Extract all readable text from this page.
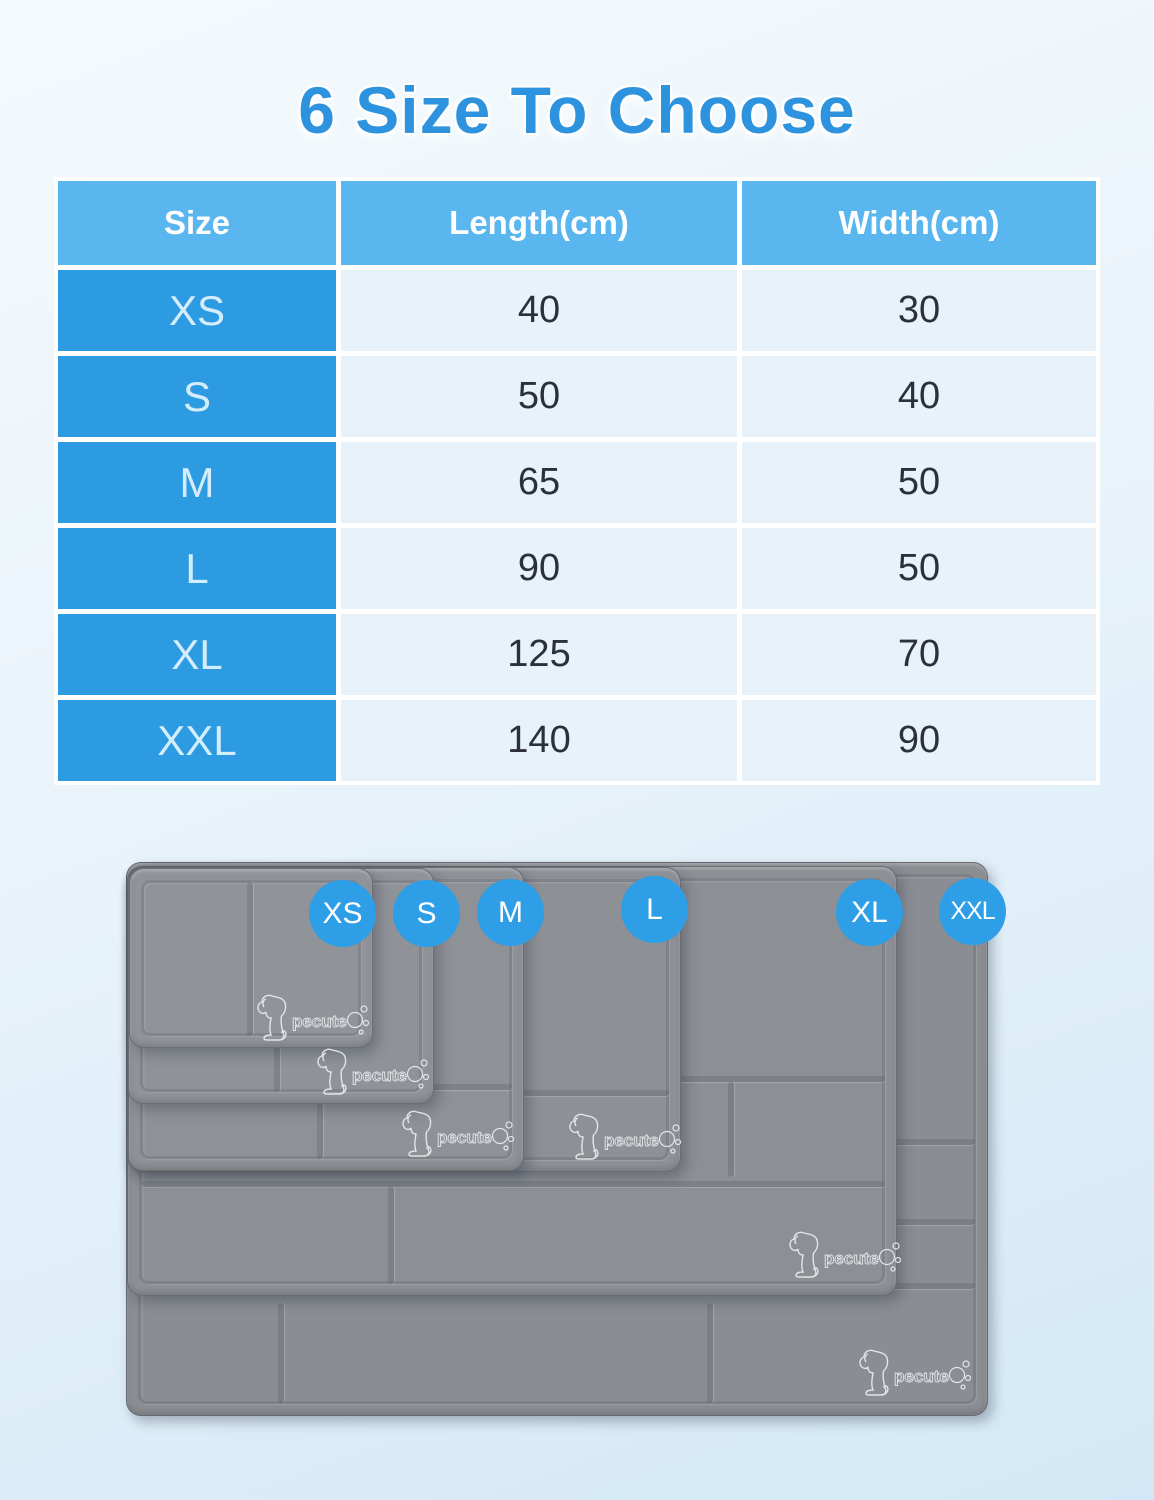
6 Size To Choose
Size	Length(cm)	Width(cm)
XS	40	30
S	50	40
M	65	50
L	90	50
XL	125	70
XXL	140	90
pecute
pecute
pecute	pecute
pecute
pecute
XS	S	M	L	XL	XXL
